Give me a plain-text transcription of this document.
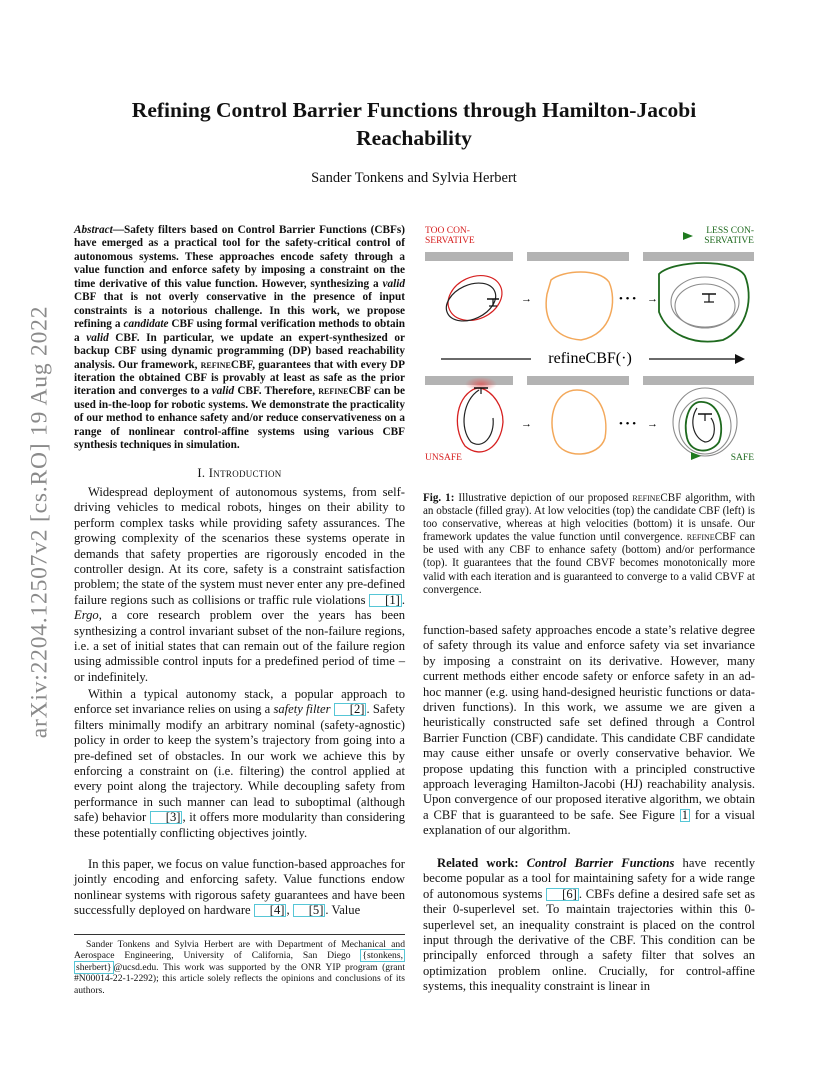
Refining Control Barrier Functions through Hamilton-Jacobi
Reachability
Sander Tonkens and Sylvia Herbert
arXiv:2204.12507v2 [cs.RO] 19 Aug 2022
Abstract—Safety filters based on Control Barrier Functions (CBFs) have emerged as a practical tool for the safety-critical control of autonomous systems. These approaches encode safety through a value function and enforce safety by imposing a constraint on the time derivative of this value function. However, synthesizing a valid CBF that is not overly conservative in the presence of input constraints is a notorious challenge. In this work, we propose refining a candidate CBF using formal verification methods to obtain a valid CBF. In particular, we update an expert-synthesized or backup CBF using dynamic programming (DP) based reachability analysis. Our framework, refineCBF, guarantees that with every DP iteration the obtained CBF is provably at least as safe as the prior iteration and converges to a valid CBF. Therefore, refineCBF can be used in-the-loop for robotic systems. We demonstrate the practicality of our method to enhance safety and/or reduce conservativeness on a range of nonlinear control-affine systems using various CBF synthesis techniques in simulation.
I. Introduction

Widespread deployment of autonomous systems, from self-driving vehicles to medical robots, hinges on their ability to perform complex tasks while providing safety assurances. The growing complexity of the scenarios these systems operate in demands that safety properties are rigorously encoded in the controller design. At its core, safety is a constraint satisfaction problem; the state of the system must never enter any pre-defined failure regions such as collisions or traffic rule violations [1] . Ergo, a core research problem over the years has been synthesizing a control invariant subset of the non-failure regions, i.e. a set of initial states that can remain out of the failure region using admissible control inputs for a predefined period of time – or indefinitely.

Within a typical autonomy stack, a popular approach to enforce set invariance relies on using a safety filter [2] . Safety filters minimally modify an arbitrary nominal (safety-agnostic) policy in order to keep the system’s trajectory from going into a pre-defined set of obstacles. In our work we achieve this by enforcing a constraint on (i.e. filtering) the control applied at every point along the trajectory. While decoupling safety from performance in such manner can lead to suboptimal (although safe) behavior [3] , it offers more modularity than considering these potentially conflicting objectives jointly.

In this paper, we focus on value function-based approaches for jointly encoding and enforcing safety. Value functions endow nonlinear systems with rigorous safety guarantees and have been successfully deployed on hardware [4] , [5] . Value

Sander Tonkens and Sylvia Herbert are with Department of Mechanical and Aerospace Engineering, University of California, San Diego {stonkens, sherbert} @ucsd.edu. This work was supported by the ONR YIP program (grant #N00014-22-1-2292); this article solely reflects the opinions and conclusions of its authors.
TOO CON-
SERVATIVE
LESS CON-
SERVATIVE
→	• • • →
refineCBF(·)
→	• • • →
UNSAFE	SAFE
Fig. 1: Illustrative depiction of our proposed refineCBF algorithm, with an obstacle (filled gray). At low velocities (top) the candidate CBF (left) is too conservative, whereas at high velocities (bottom) it is unsafe. Our framework updates the value function until convergence. refineCBF can be used with any CBF to enhance safety (bottom) and/or performance (top). It guarantees that the found CBVF becomes monotonically more valid with each iteration and is guaranteed to converge to a valid CBVF at convergence.
function-based safety approaches encode a state’s relative degree of safety through its value and enforce safety via set invariance by imposing a constraint on its derivative. However, many current methods either encode safety or enforce safety in an ad-hoc manner (e.g. using hand-designed heuristic functions or data-driven functions). In this work, we assume we are given a heuristically constructed safe set defined through a Control Barrier Function (CBF) candidate. This candidate CBF candidate may cause either unsafe or overly conservative behavior. We propose updating this function with a principled constructive approach leveraging Hamilton-Jacobi (HJ) reachability analysis. Upon convergence of our proposed iterative algorithm, we obtain a CBF that is guaranteed to be safe. See Figure 1 for a visual explanation of our algorithm.

Related work: Control Barrier Functions have recently become popular as a tool for maintaining safety for a wide range of autonomous systems [6] . CBFs define a desired safe set as their 0-superlevel set. To maintain trajectories within this 0-superlevel set, an inequality constraint is placed on the control input through the derivative of the CBF. This condition can be principally enforced through a safety filter that solves an optimization problem online. Crucially, for control-affine systems, this inequality constraint is linear in
